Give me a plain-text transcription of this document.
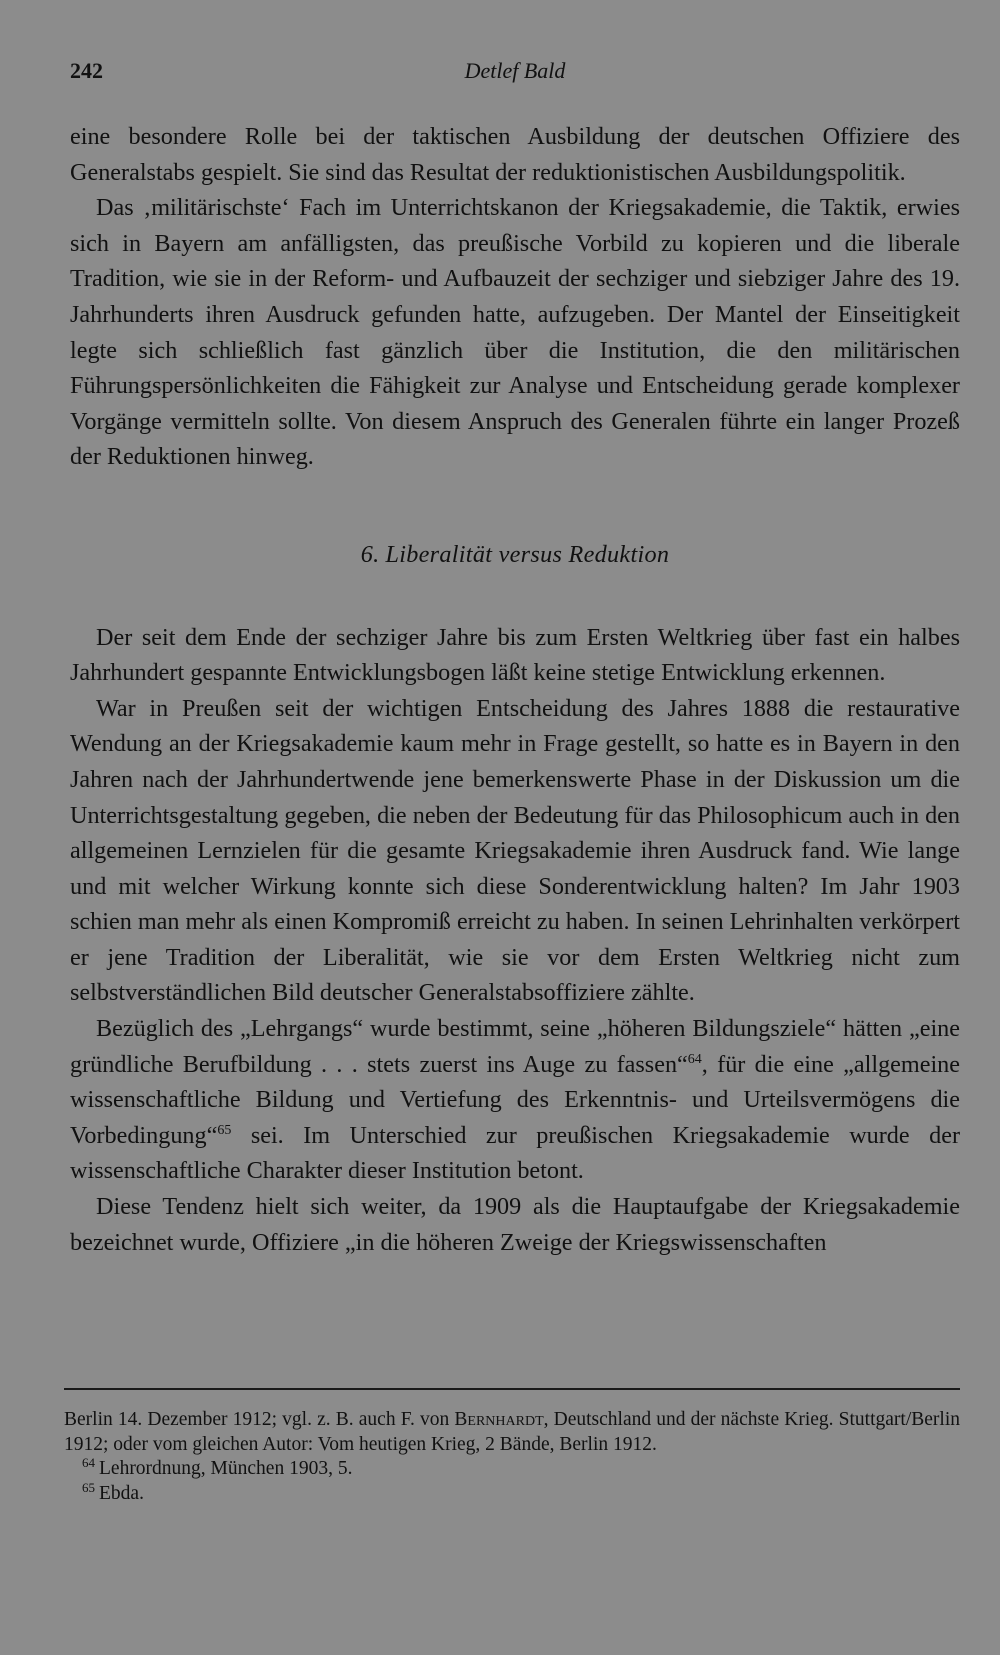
242	Detlef Bald

eine besondere Rolle bei der taktischen Ausbildung der deutschen Offiziere des Generalstabs gespielt. Sie sind das Resultat der reduktionistischen Ausbildungspolitik.

Das ‚militärischste‘ Fach im Unterrichtskanon der Kriegsakademie, die Taktik, erwies sich in Bayern am anfälligsten, das preußische Vorbild zu kopieren und die liberale Tradition, wie sie in der Reform- und Aufbauzeit der sechziger und siebziger Jahre des 19. Jahrhunderts ihren Ausdruck gefunden hatte, aufzugeben. Der Mantel der Einseitigkeit legte sich schließlich fast gänzlich über die Institution, die den militärischen Führungspersönlichkeiten die Fähigkeit zur Analyse und Entscheidung gerade komplexer Vorgänge vermitteln sollte. Von diesem Anspruch des Generalen führte ein langer Prozeß der Reduktionen hinweg.

6. Liberalität versus Reduktion

Der seit dem Ende der sechziger Jahre bis zum Ersten Weltkrieg über fast ein halbes Jahrhundert gespannte Entwicklungsbogen läßt keine stetige Entwicklung erkennen.

War in Preußen seit der wichtigen Entscheidung des Jahres 1888 die restaurative Wendung an der Kriegsakademie kaum mehr in Frage gestellt, so hatte es in Bayern in den Jahren nach der Jahrhundertwende jene bemerkenswerte Phase in der Diskussion um die Unterrichtsgestaltung gegeben, die neben der Bedeutung für das Philosophicum auch in den allgemeinen Lernzielen für die gesamte Kriegsakademie ihren Ausdruck fand. Wie lange und mit welcher Wirkung konnte sich diese Sonderentwicklung halten? Im Jahr 1903 schien man mehr als einen Kompromiß erreicht zu haben. In seinen Lehrinhalten verkörpert er jene Tradition der Liberalität, wie sie vor dem Ersten Weltkrieg nicht zum selbstverständlichen Bild deutscher Generalstabsoffiziere zählte.

Bezüglich des „Lehrgangs“ wurde bestimmt, seine „höheren Bildungsziele“ hätten „eine gründliche Berufbildung . . . stets zuerst ins Auge zu fassen“$^{64}$, für die eine „allgemeine wissenschaftliche Bildung und Vertiefung des Erkenntnis- und Urteilsvermögens die Vorbedingung“$^{65}$ sei. Im Unterschied zur preußischen Kriegsakademie wurde der wissenschaftliche Charakter dieser Institution betont.

Diese Tendenz hielt sich weiter, da 1909 als die Hauptaufgabe der Kriegsakademie bezeichnet wurde, Offiziere „in die höheren Zweige der Kriegswissenschaften

Berlin 14. Dezember 1912; vgl. z. B. auch F. von Bernhardt, Deutschland und der nächste Krieg. Stuttgart/Berlin 1912; oder vom gleichen Autor: Vom heutigen Krieg, 2 Bände, Berlin 1912.

$^{64}$ Lehrordnung, München 1903, 5.

$^{65}$ Ebda.
